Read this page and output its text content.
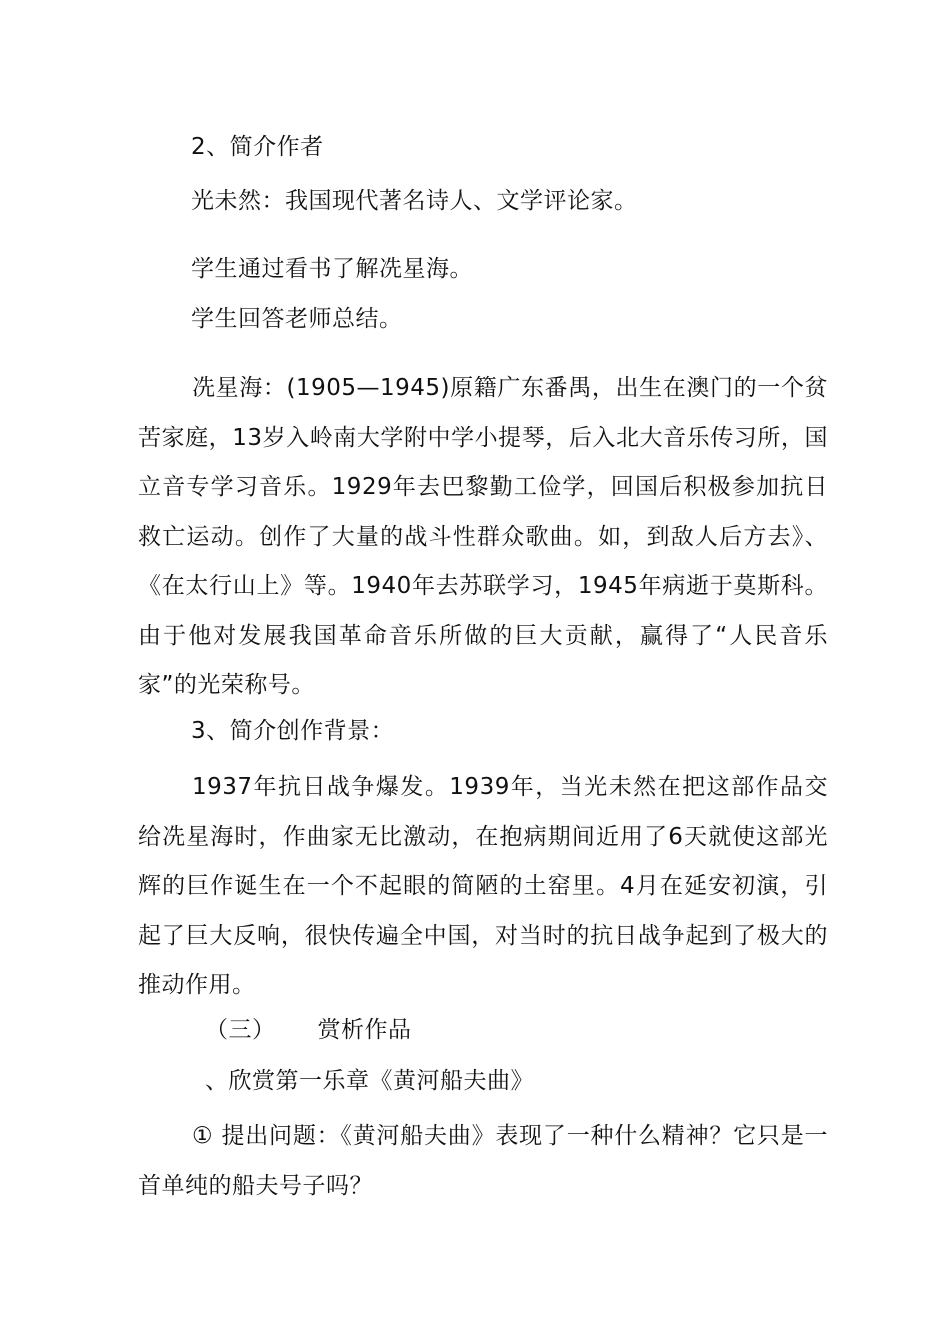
2、简介作者
光未然：我国现代著名诗人、文学评论家。
学生通过看书了解冼星海。
学生回答老师总结。
冼星海：(1905—1945)原籍广东番禺，出生在澳门的一个贫苦家庭，13岁入岭南大学附中学小提琴，后入北大音乐传习所，国立音专学习音乐。1929年去巴黎勤工俭学，回国后积极参加抗日救亡运动。创作了大量的战斗性群众歌曲。如，到敌人后方去》、《在太行山上》等。1940年去苏联学习，1945年病逝于莫斯科。由于他对发展我国革命音乐所做的巨大贡献，赢得了“人民音乐家”的光荣称号。
3、简介创作背景：
1937年抗日战争爆发。1939年，当光未然在把这部作品交给冼星海时，作曲家无比激动，在抱病期间近用了6天就使这部光辉的巨作诞生在一个不起眼的简陋的土窑里。4月在延安初演，引起了巨大反响，很快传遍全中国，对当时的抗日战争起到了极大的推动作用。
（三） 赏析作品
、欣赏第一乐章《黄河船夫曲》
① 提出问题：《黄河船夫曲》表现了一种什么精神？它只是一首单纯的船夫号子吗？
